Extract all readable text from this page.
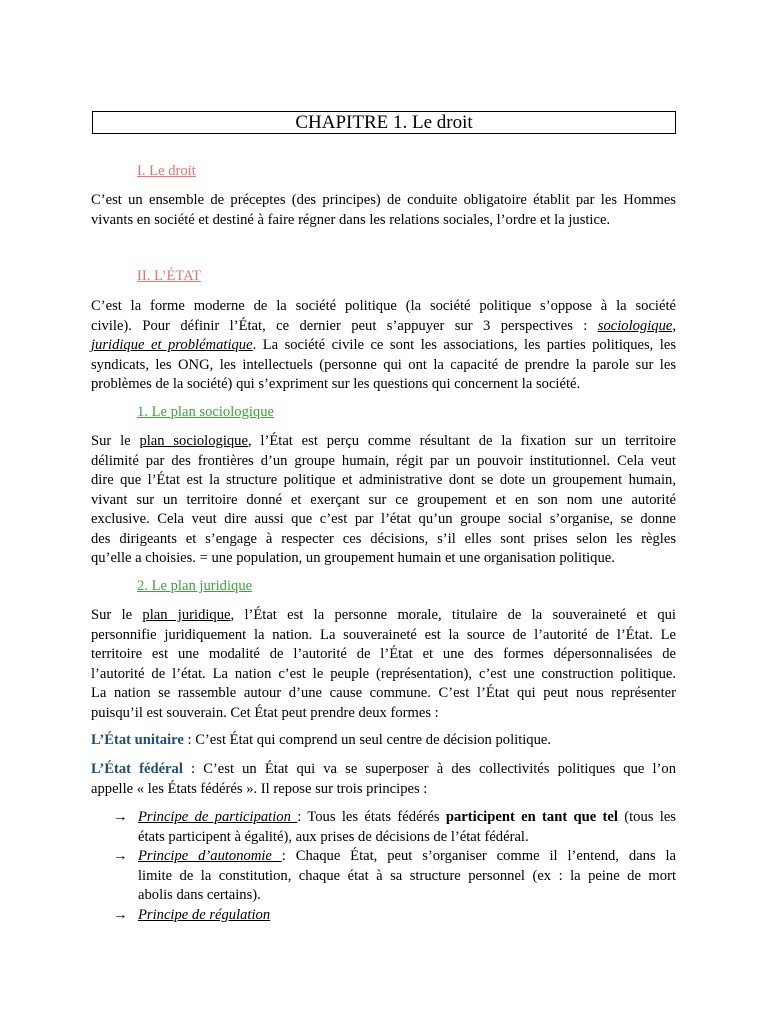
CHAPITRE 1. Le droit
I. Le droit
C’est un ensemble de préceptes (des principes) de conduite obligatoire établit par les Hommes
vivants en société et destiné à faire régner dans les relations sociales, l’ordre et la justice.
II. L’ÉTAT
C’est la forme moderne de la société politique (la société politique s’oppose à la société
civile). Pour définir l’État, ce dernier peut s’appuyer sur 3 perspectives : sociologique,
juridique et problématique. La société civile ce sont les associations, les parties politiques, les
syndicats, les ONG, les intellectuels (personne qui ont la capacité de prendre la parole sur les
problèmes de la société) qui s’expriment sur les questions qui concernent la société.
1. Le plan sociologique
Sur le plan sociologique, l’État est perçu comme résultant de la fixation sur un territoire
délimité par des frontières d’un groupe humain, régit par un pouvoir institutionnel. Cela veut
dire que l’État est la structure politique et administrative dont se dote un groupement humain,
vivant sur un territoire donné et exerçant sur ce groupement et en son nom une autorité
exclusive. Cela veut dire aussi que c’est par l’état qu’un groupe social s’organise, se donne
des dirigeants et s’engage à respecter ces décisions, s’il elles sont prises selon les règles
qu’elle a choisies. = une population, un groupement humain et une organisation politique.
2. Le plan juridique
Sur le plan juridique, l’État est la personne morale, titulaire de la souveraineté et qui
personnifie juridiquement la nation. La souveraineté est la source de l’autorité de l’État. Le
territoire est une modalité de l’autorité de l’État et une des formes dépersonnalisées de
l’autorité de l’état. La nation c’est le peuple (représentation), c’est une construction politique.
La nation se rassemble autour d’une cause commune. C’est l’État qui peut nous représenter
puisqu’il est souverain. Cet État peut prendre deux formes :
L’État unitaire : C’est État qui comprend un seul centre de décision politique.
L’État fédéral : C’est un État qui va se superposer à des collectivités politiques que l’on
appelle « les États fédérés ». Il repose sur trois principes :
→ Principe de participation : Tous les états fédérés participent en tant que tel (tous les
états participent à égalité), aux prises de décisions de l’état fédéral.
→ Principe d’autonomie : Chaque État, peut s’organiser comme il l’entend, dans la
limite de la constitution, chaque état à sa structure personnel (ex : la peine de mort
abolis dans certains).
→ Principe de régulation
